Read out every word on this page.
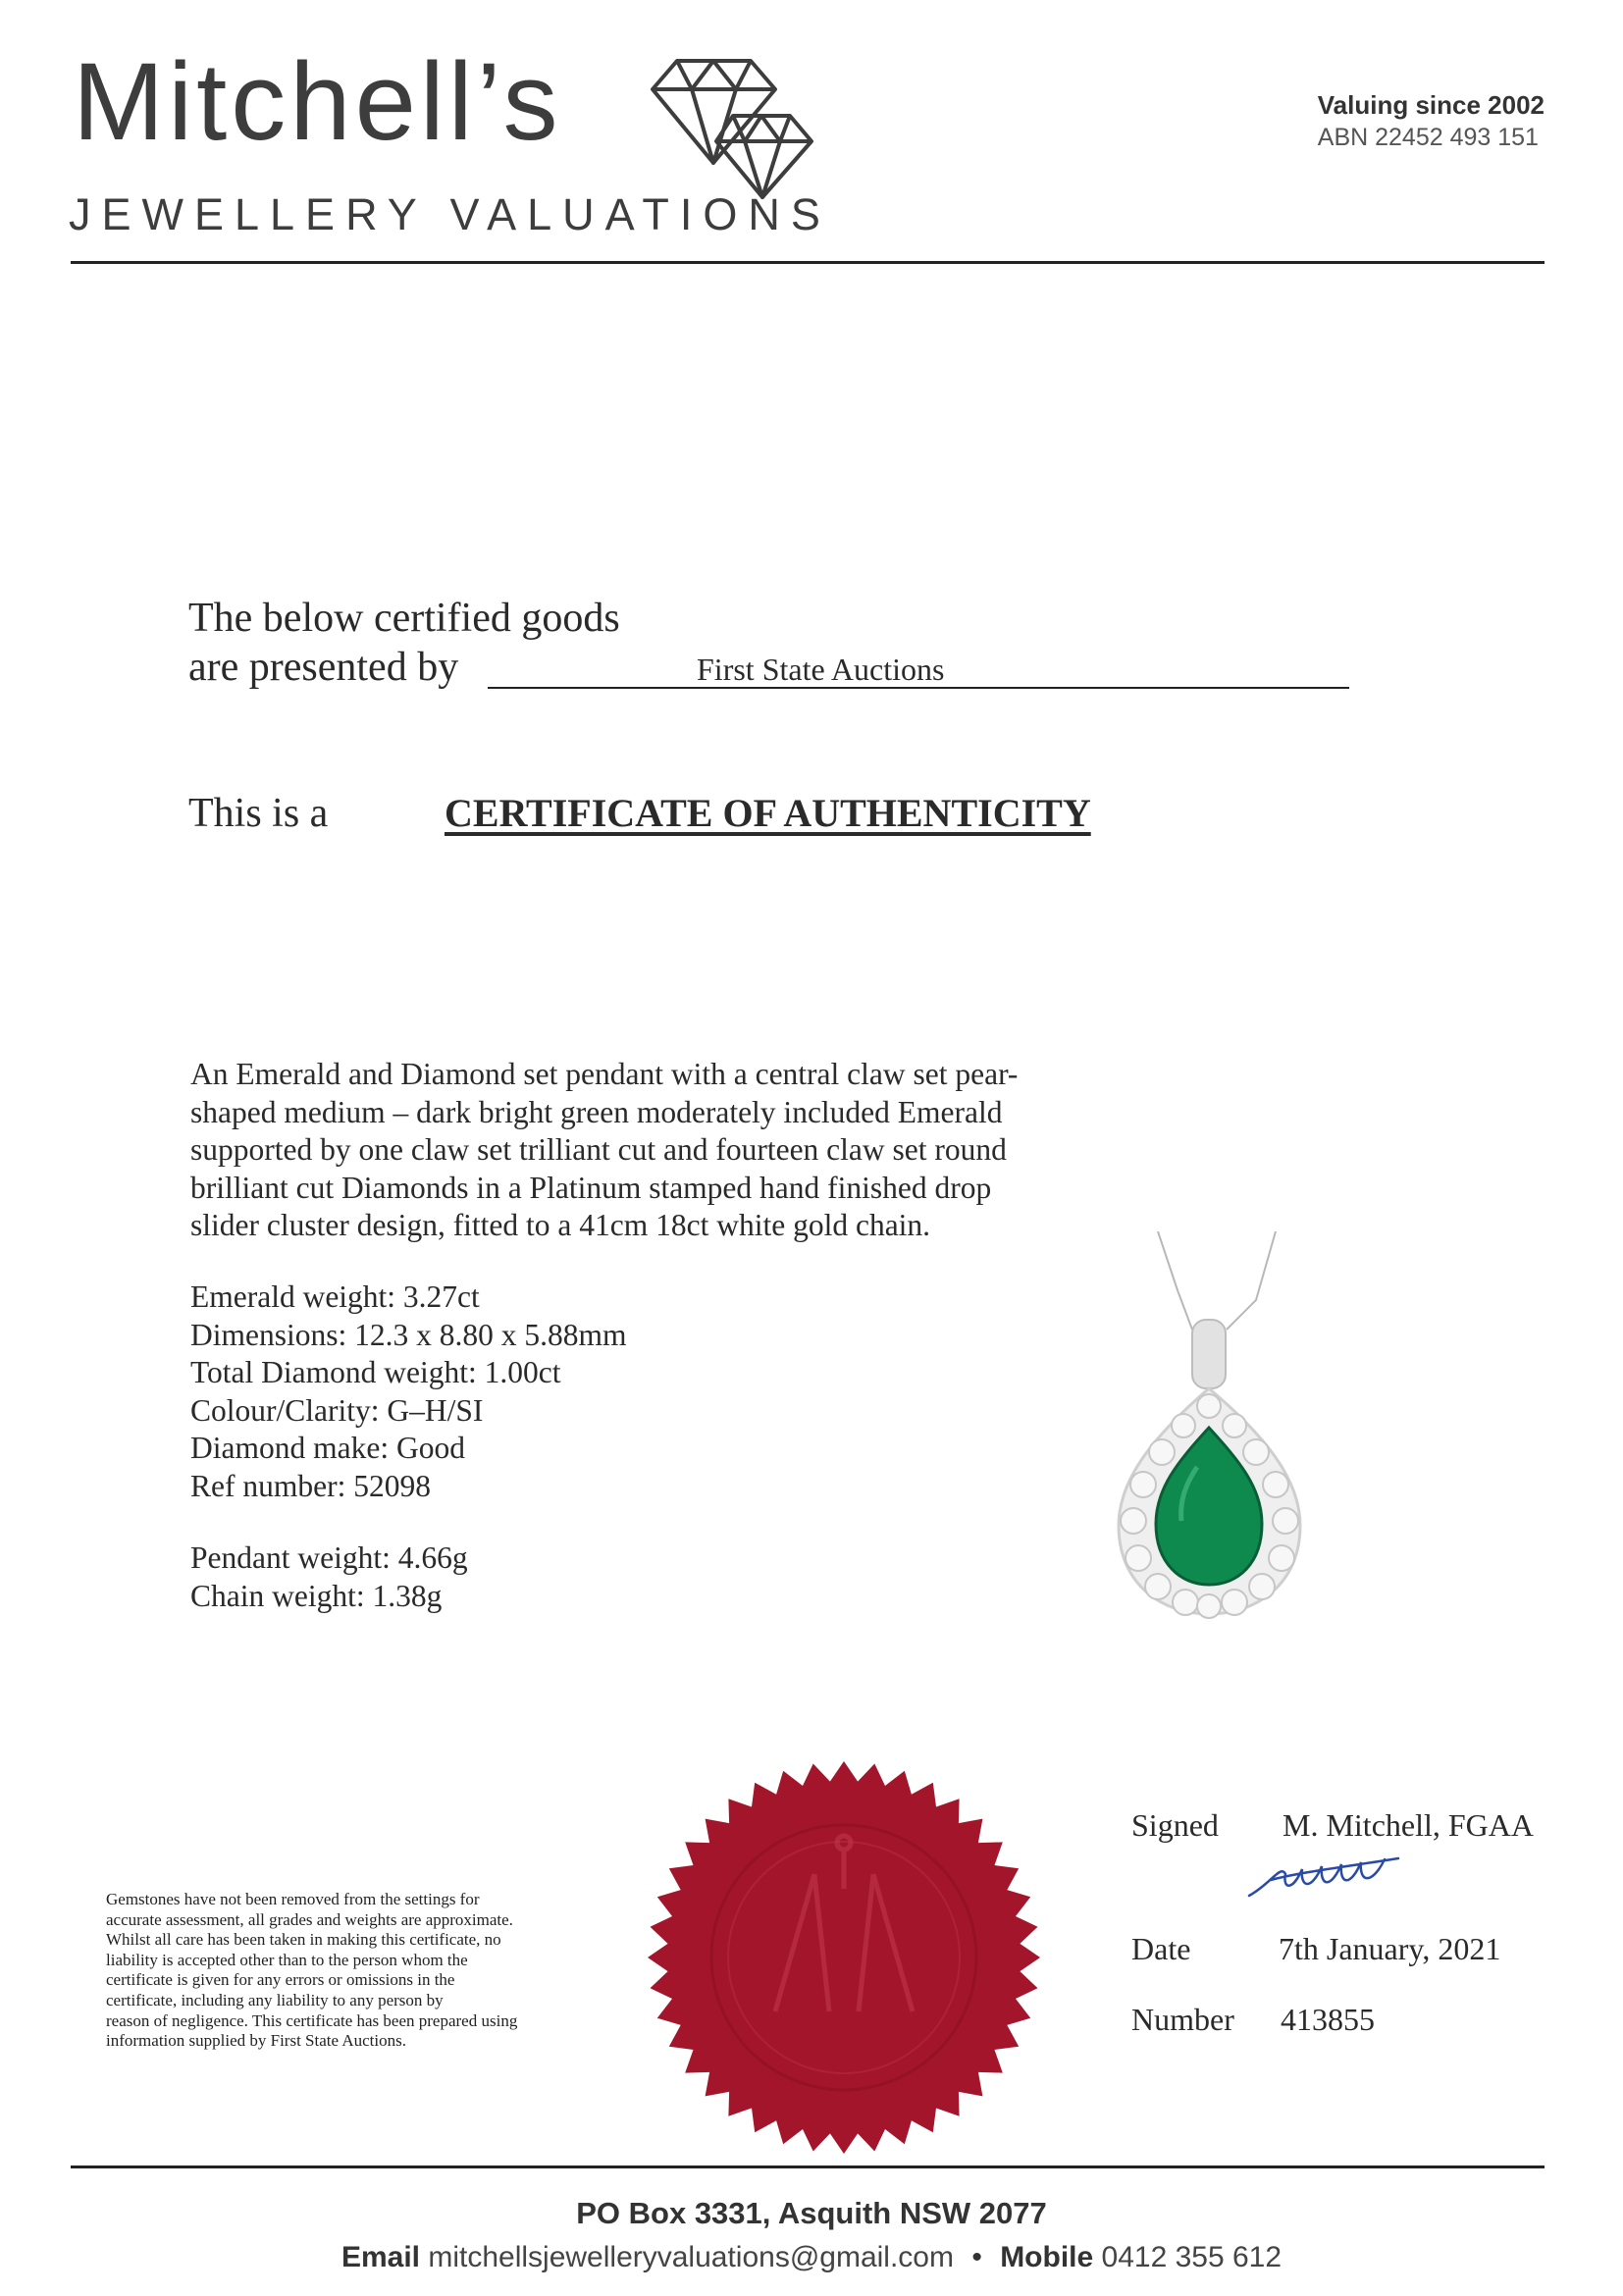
Mitchell’s
JEWELLERY VALUATIONS
Valuing since 2002
ABN 22452 493 151
The below certified goods
are presented by	First State Auctions
This is a	CERTIFICATE OF AUTHENTICITY
An Emerald and Diamond set pendant with a central claw set pear-
shaped medium – dark bright green moderately included Emerald
supported by one claw set trilliant cut and fourteen claw set round
brilliant cut Diamonds in a Platinum stamped hand finished drop
slider cluster design, fitted to a 41cm 18ct white gold chain.
Emerald weight: 3.27ct
Dimensions: 12.3 x 8.80 x 5.88mm
Total Diamond weight: 1.00ct
Colour/Clarity: G–H/SI
Diamond make: Good
Ref number: 52098
Pendant weight: 4.66g
Chain weight: 1.38g
Gemstones have not been removed from the settings for
accurate assessment, all grades and weights are approximate.
Whilst all care has been taken in making this certificate, no
liability is accepted other than to the person whom the
certificate is given for any errors or omissions in the
certificate, including any liability to any person by
reason of negligence. This certificate has been prepared using
information supplied by First State Auctions.
Signed M. Mitchell, FGAA
Date	7th January, 2021
Number 413855
PO Box 3331, Asquith NSW 2077
Email mitchellsjewelleryvaluations@gmail.com • Mobile 0412 355 612
